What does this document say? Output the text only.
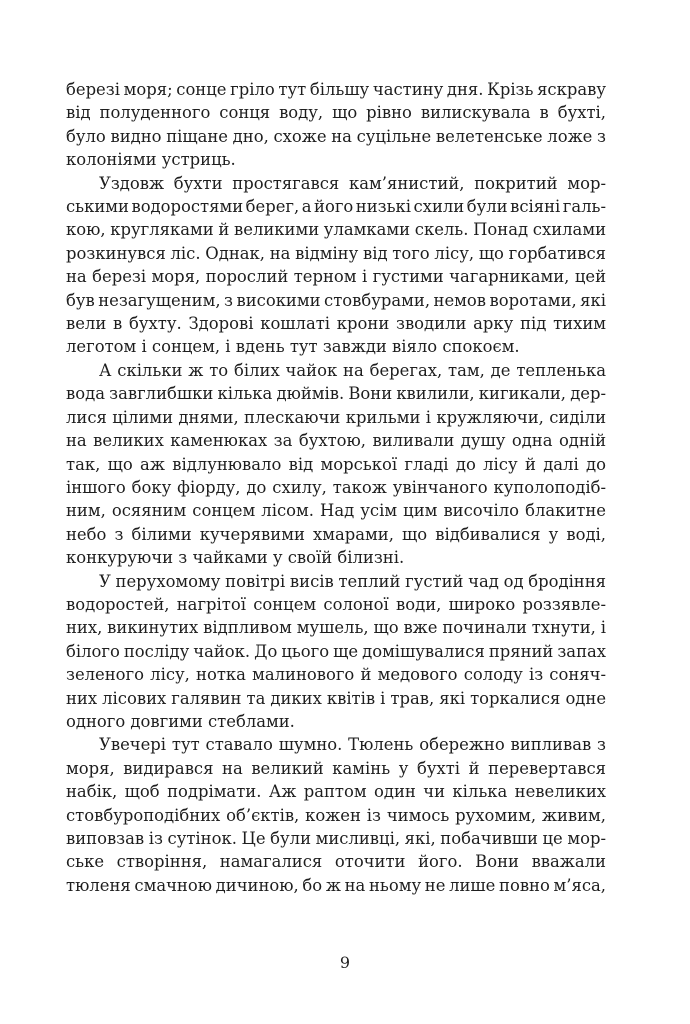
березі моря; сонце гріло тут більшу частину дня. Крізь яскраву
від полуденного сонця воду, що рівно вилискувала в бухті,
було видно піщане дно, схоже на суцільне велетенське ложе з
колоніями устриць.

Уздовж бухти простягався кам’янистий, покритий мор-
ськими водоростями берег, а його низькі схили були всіяні галь-
кою, кругляками й великими уламками скель. Понад схилами
розкинувся ліс. Однак, на відміну від того лісу, що горбатився
на березі моря, порослий терном і густими чагарниками, цей
був незагущеним, з високими стовбурами, немов воротами, які
вели в бухту. Здорові кошлаті крони зводили арку під тихим
леготом і сонцем, і вдень тут завжди віяло спокоєм.

А скільки ж то білих чайок на берегах, там, де тепленька
вода завглибшки кілька дюймів. Вони квилили, кигикали, дер-
лися цілими днями, плескаючи крильми і кружляючи, сиділи
на великих каменюках за бухтою, виливали душу одна одній
так, що аж відлунювало від морської гладі до лісу й далі до
іншого боку фіорду, до схилу, також увінчаного куполоподіб-
ним, осяяним сонцем лісом. Над усім цим височіло блакитне
небо з білими кучерявими хмарами, що відбивалися у воді,
конкуруючи з чайками у своїй білизні.

У перухомому повітрі висів теплий густий чад од бродіння
водоростей, нагрітої сонцем солоної води, широко роззявле-
них, викинутих відпливом мушель, що вже починали тхнути, і
білого посліду чайок. До цього ще домішувалися пряний запах
зеленого лісу, нотка малинового й медового солоду із соняч-
них лісових галявин та диких квітів і трав, які торкалися одне
одного довгими стеблами.

Увечері тут ставало шумно. Тюлень обережно випливав з
моря, видирався на великий камінь у бухті й перевертався
набік, щоб подрімати. Аж раптом один чи кілька невеликих
стовбуроподібних об’єктів, кожен із чимось рухомим, живим,
виповзав із сутінок. Це були мисливці, які, побачивши це мор-
ське створіння, намагалися оточити його. Вони вважали
тюленя смачною дичиною, бо ж на ньому не лише повно м’яса,

9
